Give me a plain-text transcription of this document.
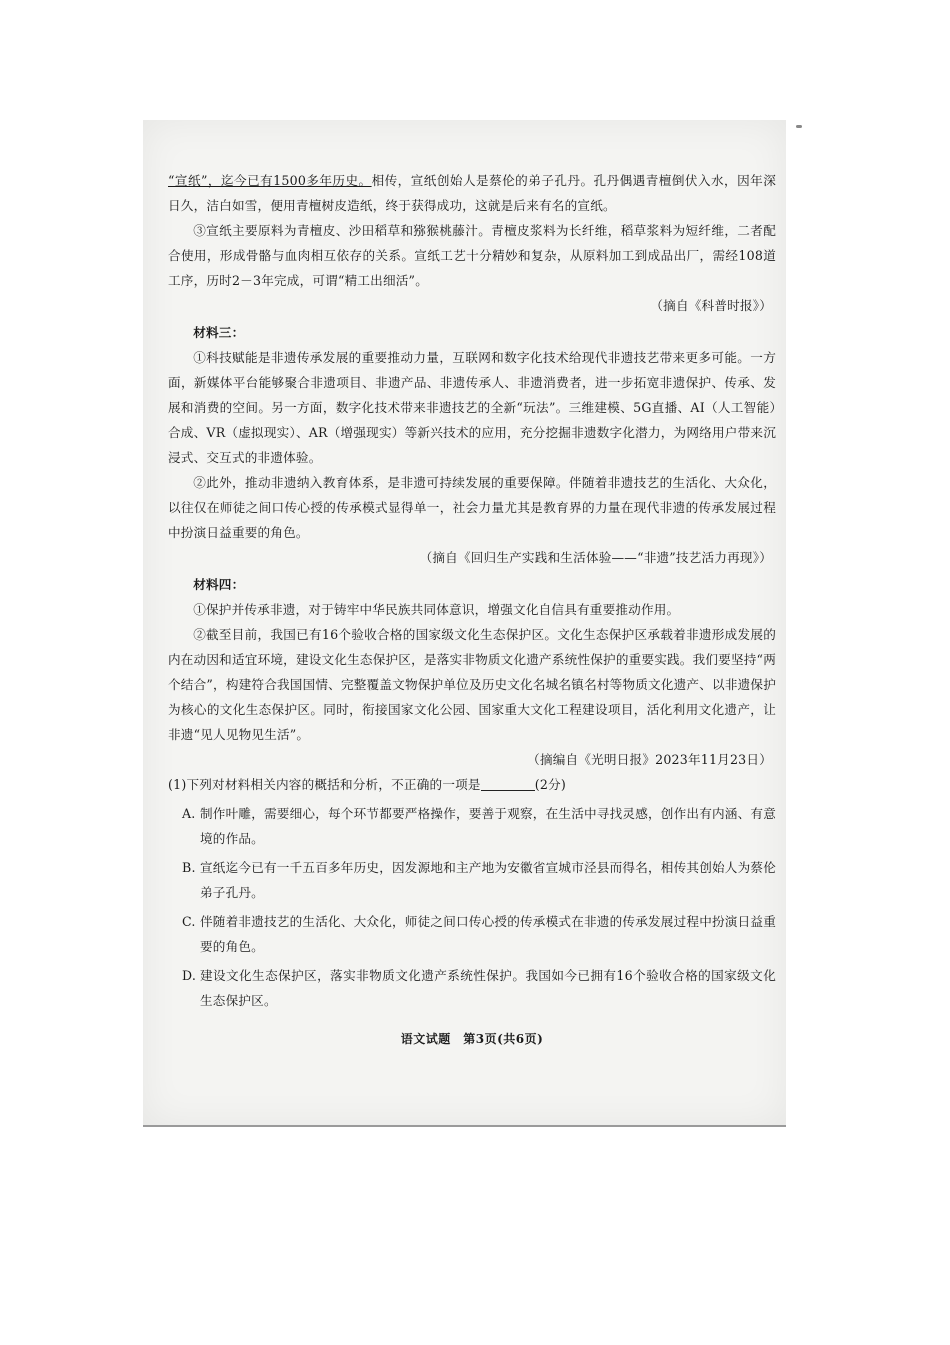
“宣纸”，迄今已有1500多年历史。相传，宣纸创始人是蔡伦的弟子孔丹。孔丹偶遇青檀倒伏入水，因年深日久，洁白如雪，便用青檀树皮造纸，终于获得成功，这就是后来有名的宣纸。

③宣纸主要原料为青檀皮、沙田稻草和猕猴桃藤汁。青檀皮浆料为长纤维，稻草浆料为短纤维，二者配合使用，形成骨骼与血肉相互依存的关系。宣纸工艺十分精妙和复杂，从原料加工到成品出厂，需经108道工序，历时2－3年完成，可谓“精工出细活”。

（摘自《科普时报》）

材料三：

①科技赋能是非遗传承发展的重要推动力量，互联网和数字化技术给现代非遗技艺带来更多可能。一方面，新媒体平台能够聚合非遗项目、非遗产品、非遗传承人、非遗消费者，进一步拓宽非遗保护、传承、发展和消费的空间。另一方面，数字化技术带来非遗技艺的全新“玩法”。三维建模、5G直播、AI（人工智能）合成、VR（虚拟现实）、AR（增强现实）等新兴技术的应用，充分挖掘非遗数字化潜力，为网络用户带来沉浸式、交互式的非遗体验。

②此外，推动非遗纳入教育体系，是非遗可持续发展的重要保障。伴随着非遗技艺的生活化、大众化，以往仅在师徒之间口传心授的传承模式显得单一，社会力量尤其是教育界的力量在现代非遗的传承发展过程中扮演日益重要的角色。

（摘自《回归生产实践和生活体验——“非遗”技艺活力再现》）

材料四：

①保护并传承非遗，对于铸牢中华民族共同体意识，增强文化自信具有重要推动作用。

②截至目前，我国已有16个验收合格的国家级文化生态保护区。文化生态保护区承载着非遗形成发展的内在动因和适宜环境，建设文化生态保护区，是落实非物质文化遗产系统性保护的重要实践。我们要坚持“两个结合”，构建符合我国国情、完整覆盖文物保护单位及历史文化名城名镇名村等物质文化遗产、以非遗保护为核心的文化生态保护区。同时，衔接国家文化公园、国家重大文化工程建设项目，活化利用文化遗产，让非遗“见人见物见生活”。

（摘编自《光明日报》2023年11月23日）

(1)下列对材料相关内容的概括和分析，不正确的一项是	(2分)

A. 制作叶雕，需要细心，每个环节都要严格操作，要善于观察，在生活中寻找灵感，创作出有内涵、有意境的作品。
B. 宣纸迄今已有一千五百多年历史，因发源地和主产地为安徽省宣城市泾县而得名，相传其创始人为蔡伦弟子孔丹。
C. 伴随着非遗技艺的生活化、大众化，师徒之间口传心授的传承模式在非遗的传承发展过程中扮演日益重要的角色。
D. 建设文化生态保护区，落实非物质文化遗产系统性保护。我国如今已拥有16个验收合格的国家级文化生态保护区。

语文试题　第3页(共6页)
